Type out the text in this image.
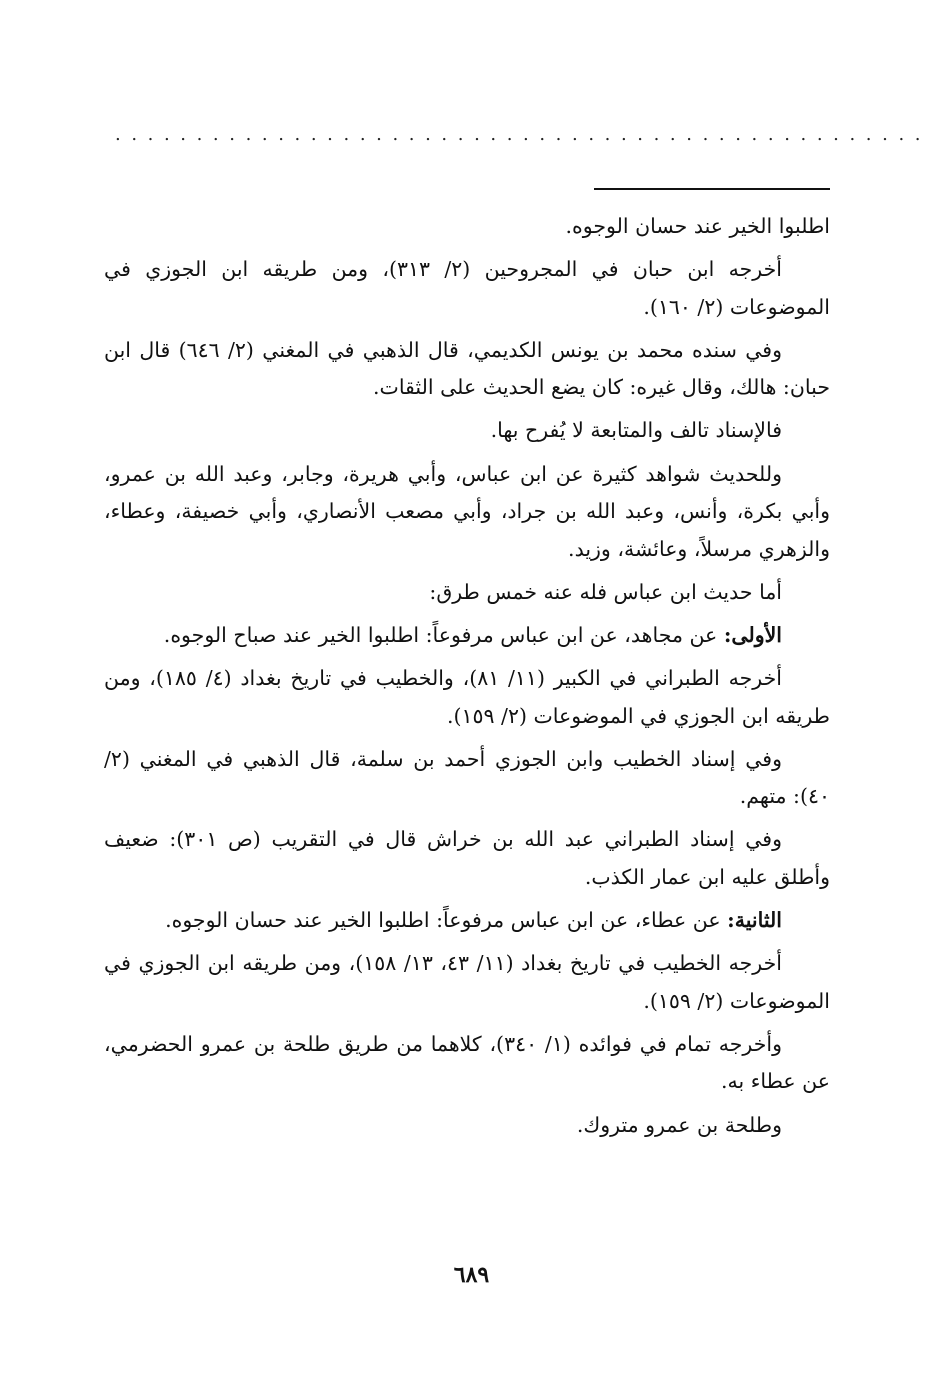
..................................................

اطلبوا الخير عند حسان الوجوه.

أخرجه ابن حبان في المجروحين (٢/ ٣١٣)، ومن طريقه ابن الجوزي في الموضوعات (٢/ ١٦٠).

وفي سنده محمد بن يونس الكديمي، قال الذهبي في المغني (٢/ ٦٤٦) قال ابن حبان: هالك، وقال غيره: كان يضع الحديث على الثقات.

فالإسناد تالف والمتابعة لا يُفرح بها.

وللحديث شواهد كثيرة عن ابن عباس، وأبي هريرة، وجابر، وعبد الله بن عمرو، وأبي بكرة، وأنس، وعبد الله بن جراد، وأبي مصعب الأنصاري، وأبي خصيفة، وعطاء، والزهري مرسلاً، وعائشة، وزيد.

أما حديث ابن عباس فله عنه خمس طرق:

الأولى: عن مجاهد، عن ابن عباس مرفوعاً: اطلبوا الخير عند صباح الوجوه.

أخرجه الطبراني في الكبير (١١/ ٨١)، والخطيب في تاريخ بغداد (٤/ ١٨٥)، ومن طريقه ابن الجوزي في الموضوعات (٢/ ١٥٩).

وفي إسناد الخطيب وابن الجوزي أحمد بن سلمة، قال الذهبي في المغني (٢/ ٤٠): متهم.

وفي إسناد الطبراني عبد الله بن خراش قال في التقريب (ص ٣٠١): ضعيف وأطلق عليه ابن عمار الكذب.

الثانية: عن عطاء، عن ابن عباس مرفوعاً: اطلبوا الخير عند حسان الوجوه.

أخرجه الخطيب في تاريخ بغداد (١١/ ٤٣، ١٣/ ١٥٨)، ومن طريقه ابن الجوزي في الموضوعات (٢/ ١٥٩).

وأخرجه تمام في فوائده (١/ ٣٤٠)، كلاهما من طريق طلحة بن عمرو الحضرمي، عن عطاء به.

وطلحة بن عمرو متروك.

٦٨٩
